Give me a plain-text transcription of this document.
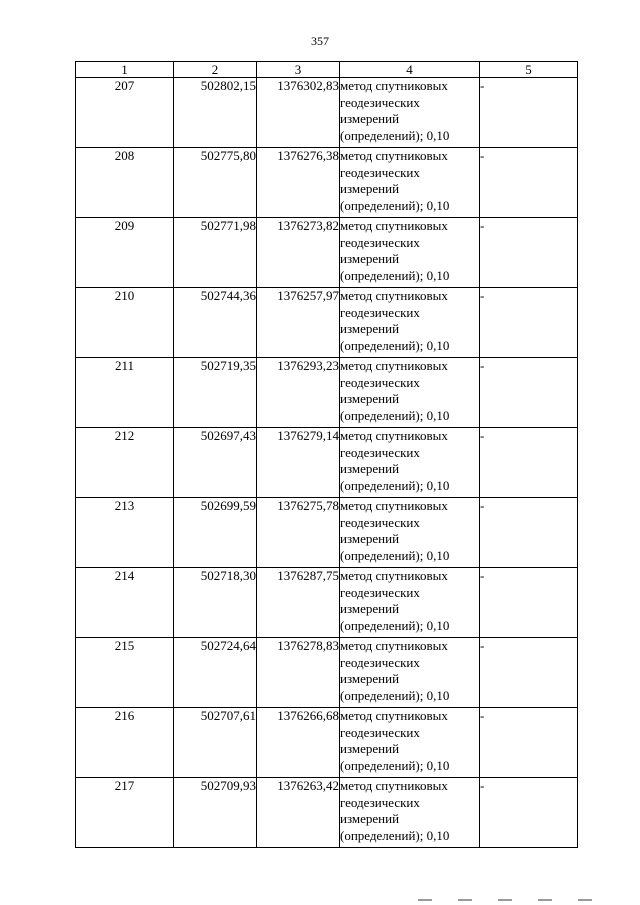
357
1	2	3	4	5
207	502802,15	1376302,83	метод спутниковых геодезических измерений (определений); 0,10	-
208	502775,80	1376276,38	метод спутниковых геодезических измерений (определений); 0,10	-
209	502771,98	1376273,82	метод спутниковых геодезических измерений (определений); 0,10	-
210	502744,36	1376257,97	метод спутниковых геодезических измерений (определений); 0,10	-
211	502719,35	1376293,23	метод спутниковых геодезических измерений (определений); 0,10	-
212	502697,43	1376279,14	метод спутниковых геодезических измерений (определений); 0,10	-
213	502699,59	1376275,78	метод спутниковых геодезических измерений (определений); 0,10	-
214	502718,30	1376287,75	метод спутниковых геодезических измерений (определений); 0,10	-
215	502724,64	1376278,83	метод спутниковых геодезических измерений (определений); 0,10	-
216	502707,61	1376266,68	метод спутниковых геодезических измерений (определений); 0,10	-
217	502709,93	1376263,42	метод спутниковых геодезических измерений (определений); 0,10	-
